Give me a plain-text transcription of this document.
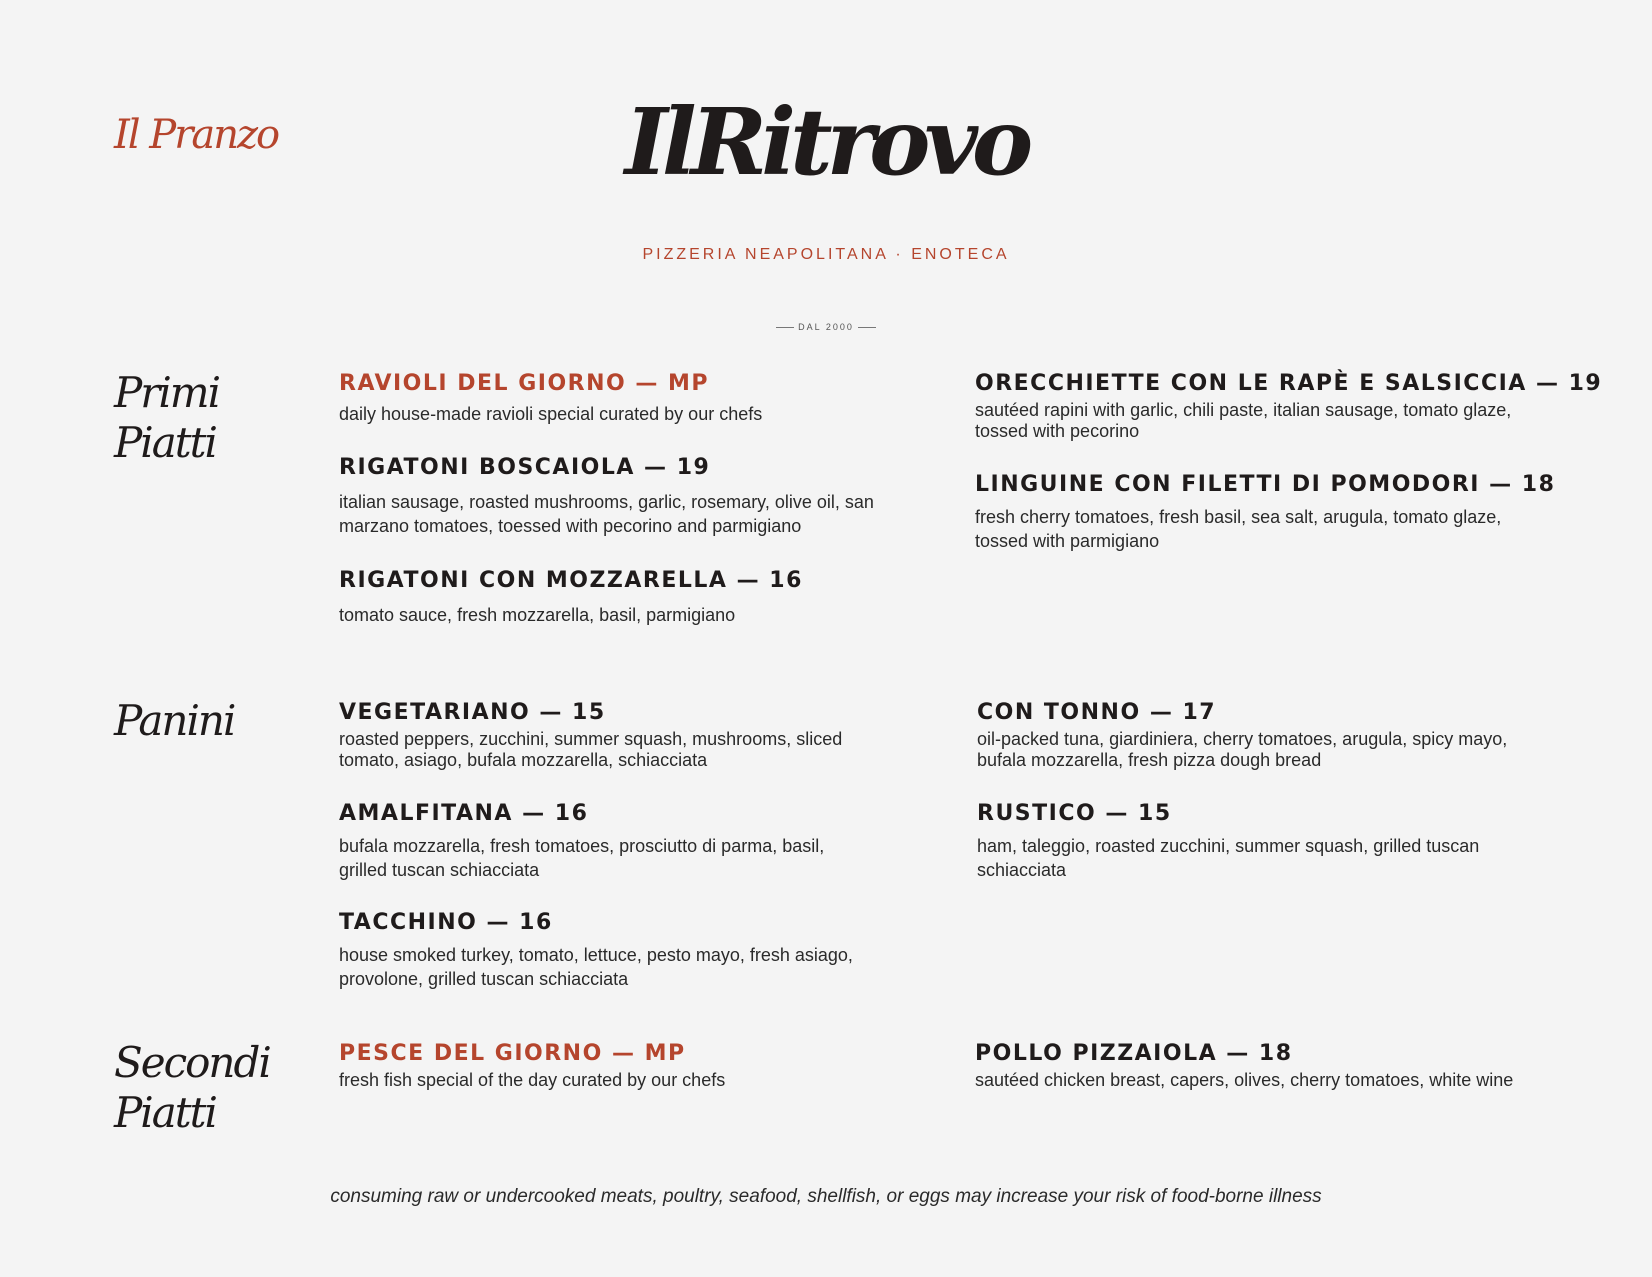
Il Pranzo	IlRitrovo
PIZZERIA NEAPOLITANA · ENOTECA
DAL 2000
Primi
Piatti

RAVIOLI DEL GIORNO — MP

daily house-made ravioli special curated by our chefs

RIGATONI BOSCAIOLA — 19

italian sausage, roasted mushrooms, garlic, rosemary, olive oil, san marzano tomatoes, toessed with pecorino and parmigiano

RIGATONI CON MOZZARELLA — 16

tomato sauce, fresh mozzarella, basil, parmigiano

ORECCHIETTE CON LE RAPÈ E SALSICCIA — 19

sautéed rapini with garlic, chili paste, italian sausage, tomato glaze, tossed with pecorino

LINGUINE CON FILETTI DI POMODORI — 18

fresh cherry tomatoes, fresh basil, sea salt, arugula, tomato glaze, tossed with parmigiano

Panini	VEGETARIANO — 15

roasted peppers, zucchini, summer squash, mushrooms, sliced tomato, asiago, bufala mozzarella, schiacciata

AMALFITANA — 16

bufala mozzarella, fresh tomatoes, prosciutto di parma, basil, grilled tuscan schiacciata

TACCHINO — 16

house smoked turkey, tomato, lettuce, pesto mayo, fresh asiago, provolone, grilled tuscan schiacciata

CON TONNO — 17

oil-packed tuna, giardiniera, cherry tomatoes, arugula, spicy mayo, bufala mozzarella, fresh pizza dough bread

RUSTICO — 15

ham, taleggio, roasted zucchini, summer squash, grilled tuscan schiacciata

Secondi
Piatti

PESCE DEL GIORNO — MP

fresh fish special of the day curated by our chefs

POLLO PIZZAIOLA — 18

sautéed chicken breast, capers, olives, cherry tomatoes, white wine

consuming raw or undercooked meats, poultry, seafood, shellfish, or eggs may increase your risk of food-borne illness
